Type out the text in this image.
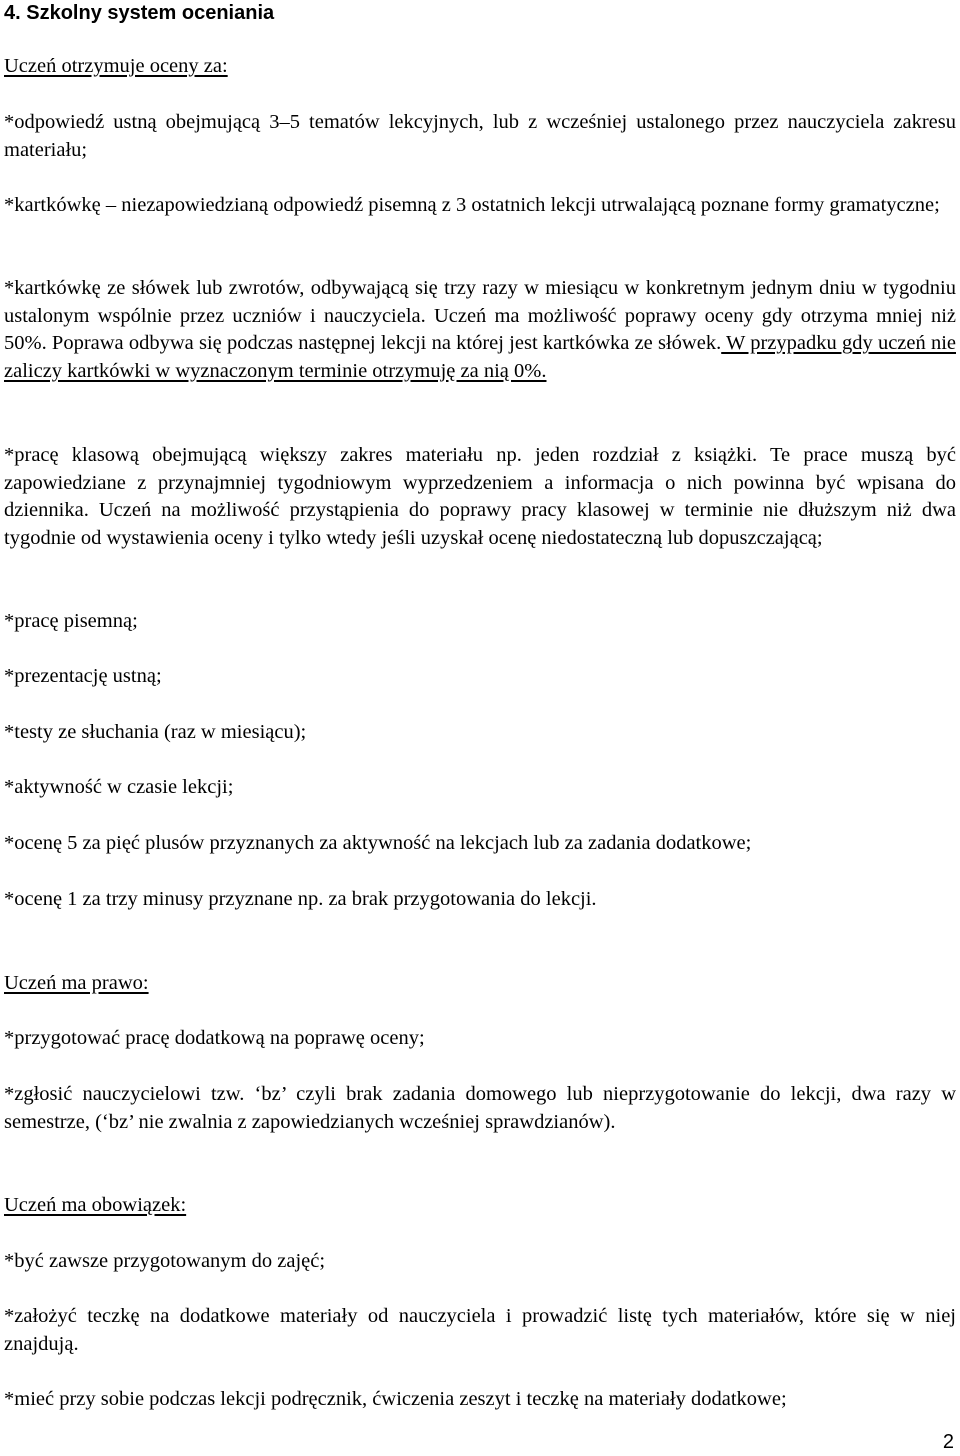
4. Szkolny system oceniania

Uczeń otrzymuje oceny za:

*odpowiedź ustną obejmującą 3–5 tematów lekcyjnych, lub z wcześniej ustalonego przez nauczyciela zakresu materiału;

*kartkówkę – niezapowiedzianą odpowiedź pisemną z 3 ostatnich lekcji utrwalającą poznane formy gramatyczne;

*kartkówkę ze słówek lub zwrotów, odbywającą się trzy razy w miesiącu w konkretnym jednym dniu w tygodniu ustalonym wspólnie przez uczniów i nauczyciela. Uczeń ma możliwość poprawy oceny gdy otrzyma mniej niż 50%. Poprawa odbywa się podczas następnej lekcji na której jest kartkówka ze słówek. W przypadku gdy uczeń nie zaliczy kartkówki w wyznaczonym terminie otrzymuję za nią 0%.

*pracę klasową obejmującą większy zakres materiału np. jeden rozdział z książki. Te prace muszą być zapowiedziane z przynajmniej tygodniowym wyprzedzeniem a informacja o nich powinna być wpisana do dziennika. Uczeń na możliwość przystąpienia do poprawy pracy klasowej w terminie nie dłuższym niż dwa tygodnie od wystawienia oceny i tylko wtedy jeśli uzyskał ocenę niedostateczną lub dopuszczającą;

*pracę pisemną;

*prezentację ustną;

*testy ze słuchania (raz w miesiącu);

*aktywność w czasie lekcji;

*ocenę 5 za pięć plusów przyznanych za aktywność na lekcjach lub za zadania dodatkowe;

*ocenę 1 za trzy minusy przyznane np. za brak przygotowania do lekcji.

Uczeń ma prawo:

*przygotować pracę dodatkową na poprawę oceny;

*zgłosić nauczycielowi tzw. ‘bz’ czyli brak zadania domowego lub nieprzygotowanie do lekcji, dwa razy w semestrze, (‘bz’ nie zwalnia z zapowiedzianych wcześniej sprawdzianów).

Uczeń ma obowiązek:

*być zawsze przygotowanym do zajęć;

*założyć teczkę na dodatkowe materiały od nauczyciela i prowadzić listę tych materiałów, które się w niej znajdują.

*mieć przy sobie podczas lekcji podręcznik, ćwiczenia zeszyt i teczkę na materiały dodatkowe;

2
